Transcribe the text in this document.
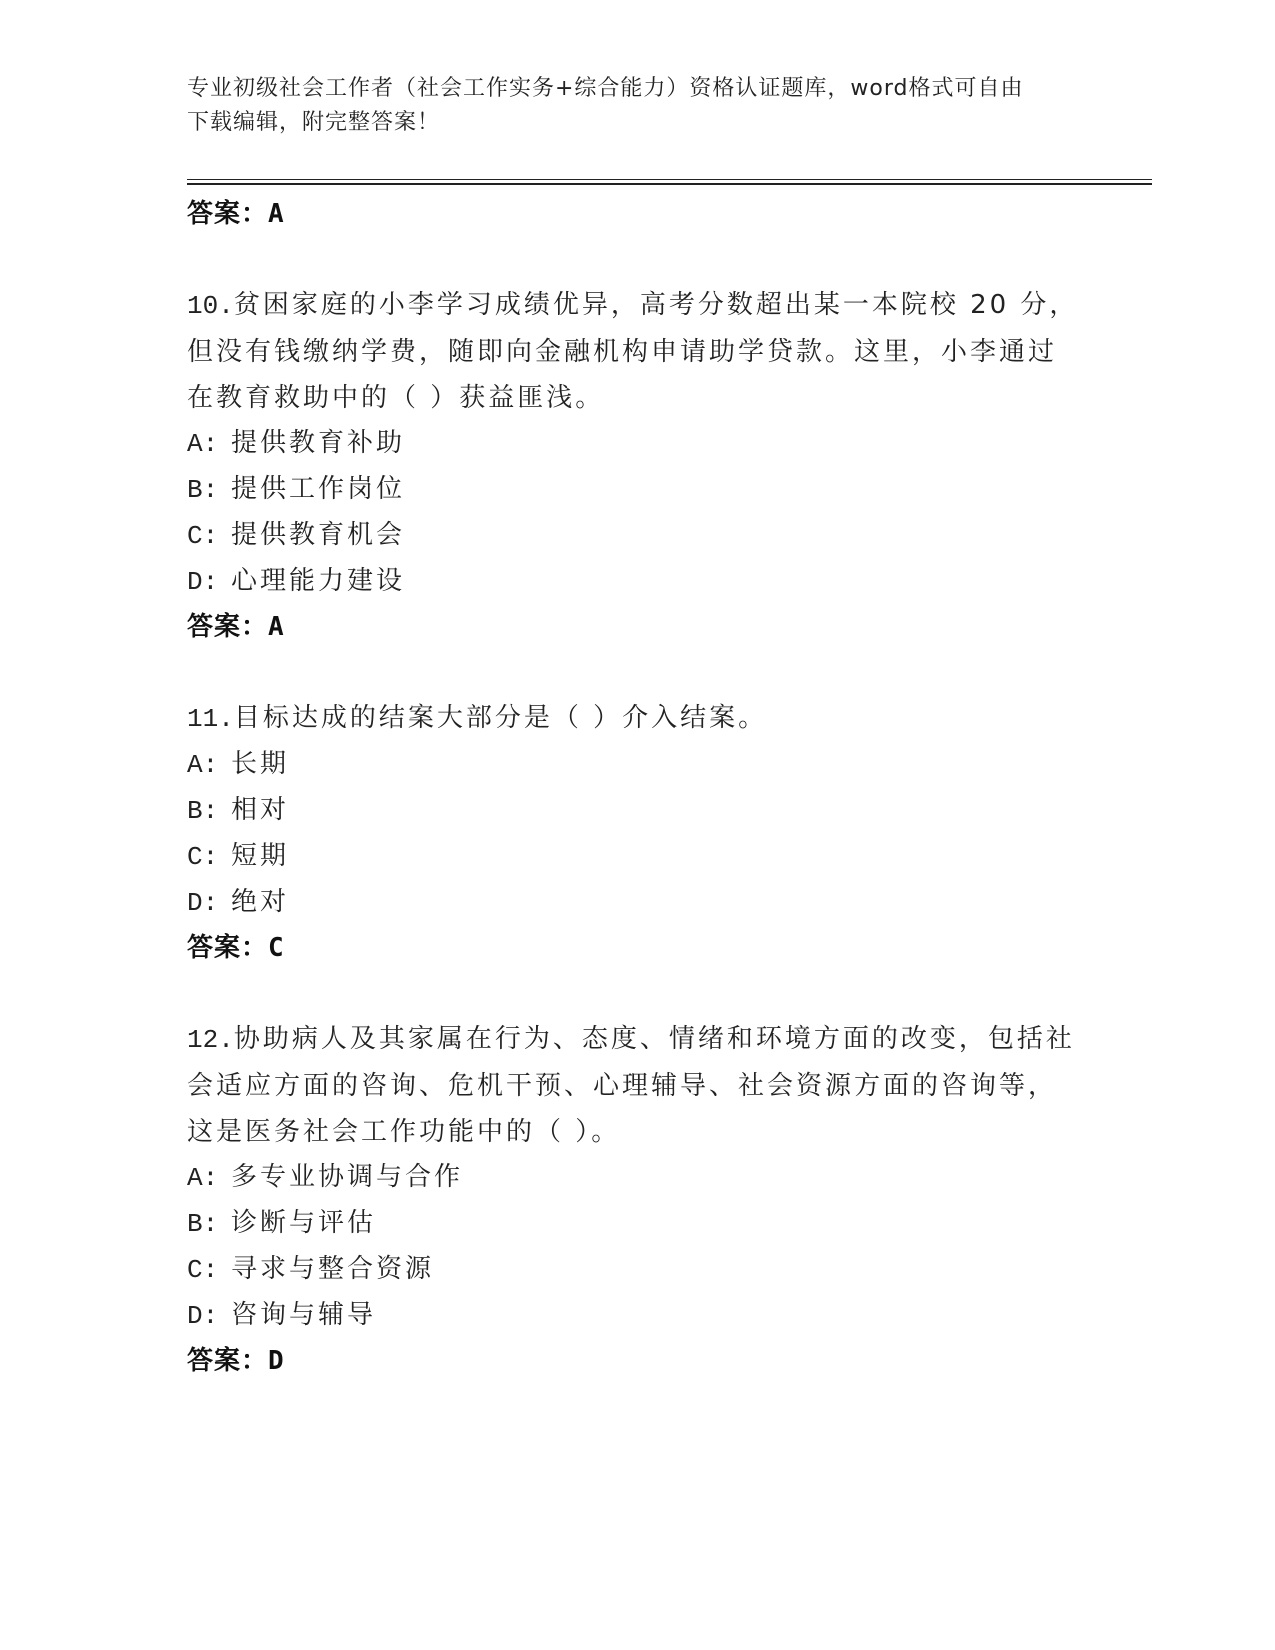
专业初级社会工作者（社会工作实务+综合能力）资格认证题库，word格式可自由
下载编辑，附完整答案！
答案：A
10.贫困家庭的小李学习成绩优异，高考分数超出某一本院校 20 分，
但没有钱缴纳学费，随即向金融机构申请助学贷款。这里，小李通过
在教育救助中的（ ）获益匪浅。
A: 提供教育补助
B: 提供工作岗位
C: 提供教育机会
D: 心理能力建设
答案：A
11.目标达成的结案大部分是（ ）介入结案。
A: 长期
B: 相对
C: 短期
D: 绝对
答案：C
12.协助病人及其家属在行为、态度、情绪和环境方面的改变，包括社
会适应方面的咨询、危机干预、心理辅导、社会资源方面的咨询等，
这是医务社会工作功能中的（ ）。
A: 多专业协调与合作
B: 诊断与评估
C: 寻求与整合资源
D: 咨询与辅导
答案：D
